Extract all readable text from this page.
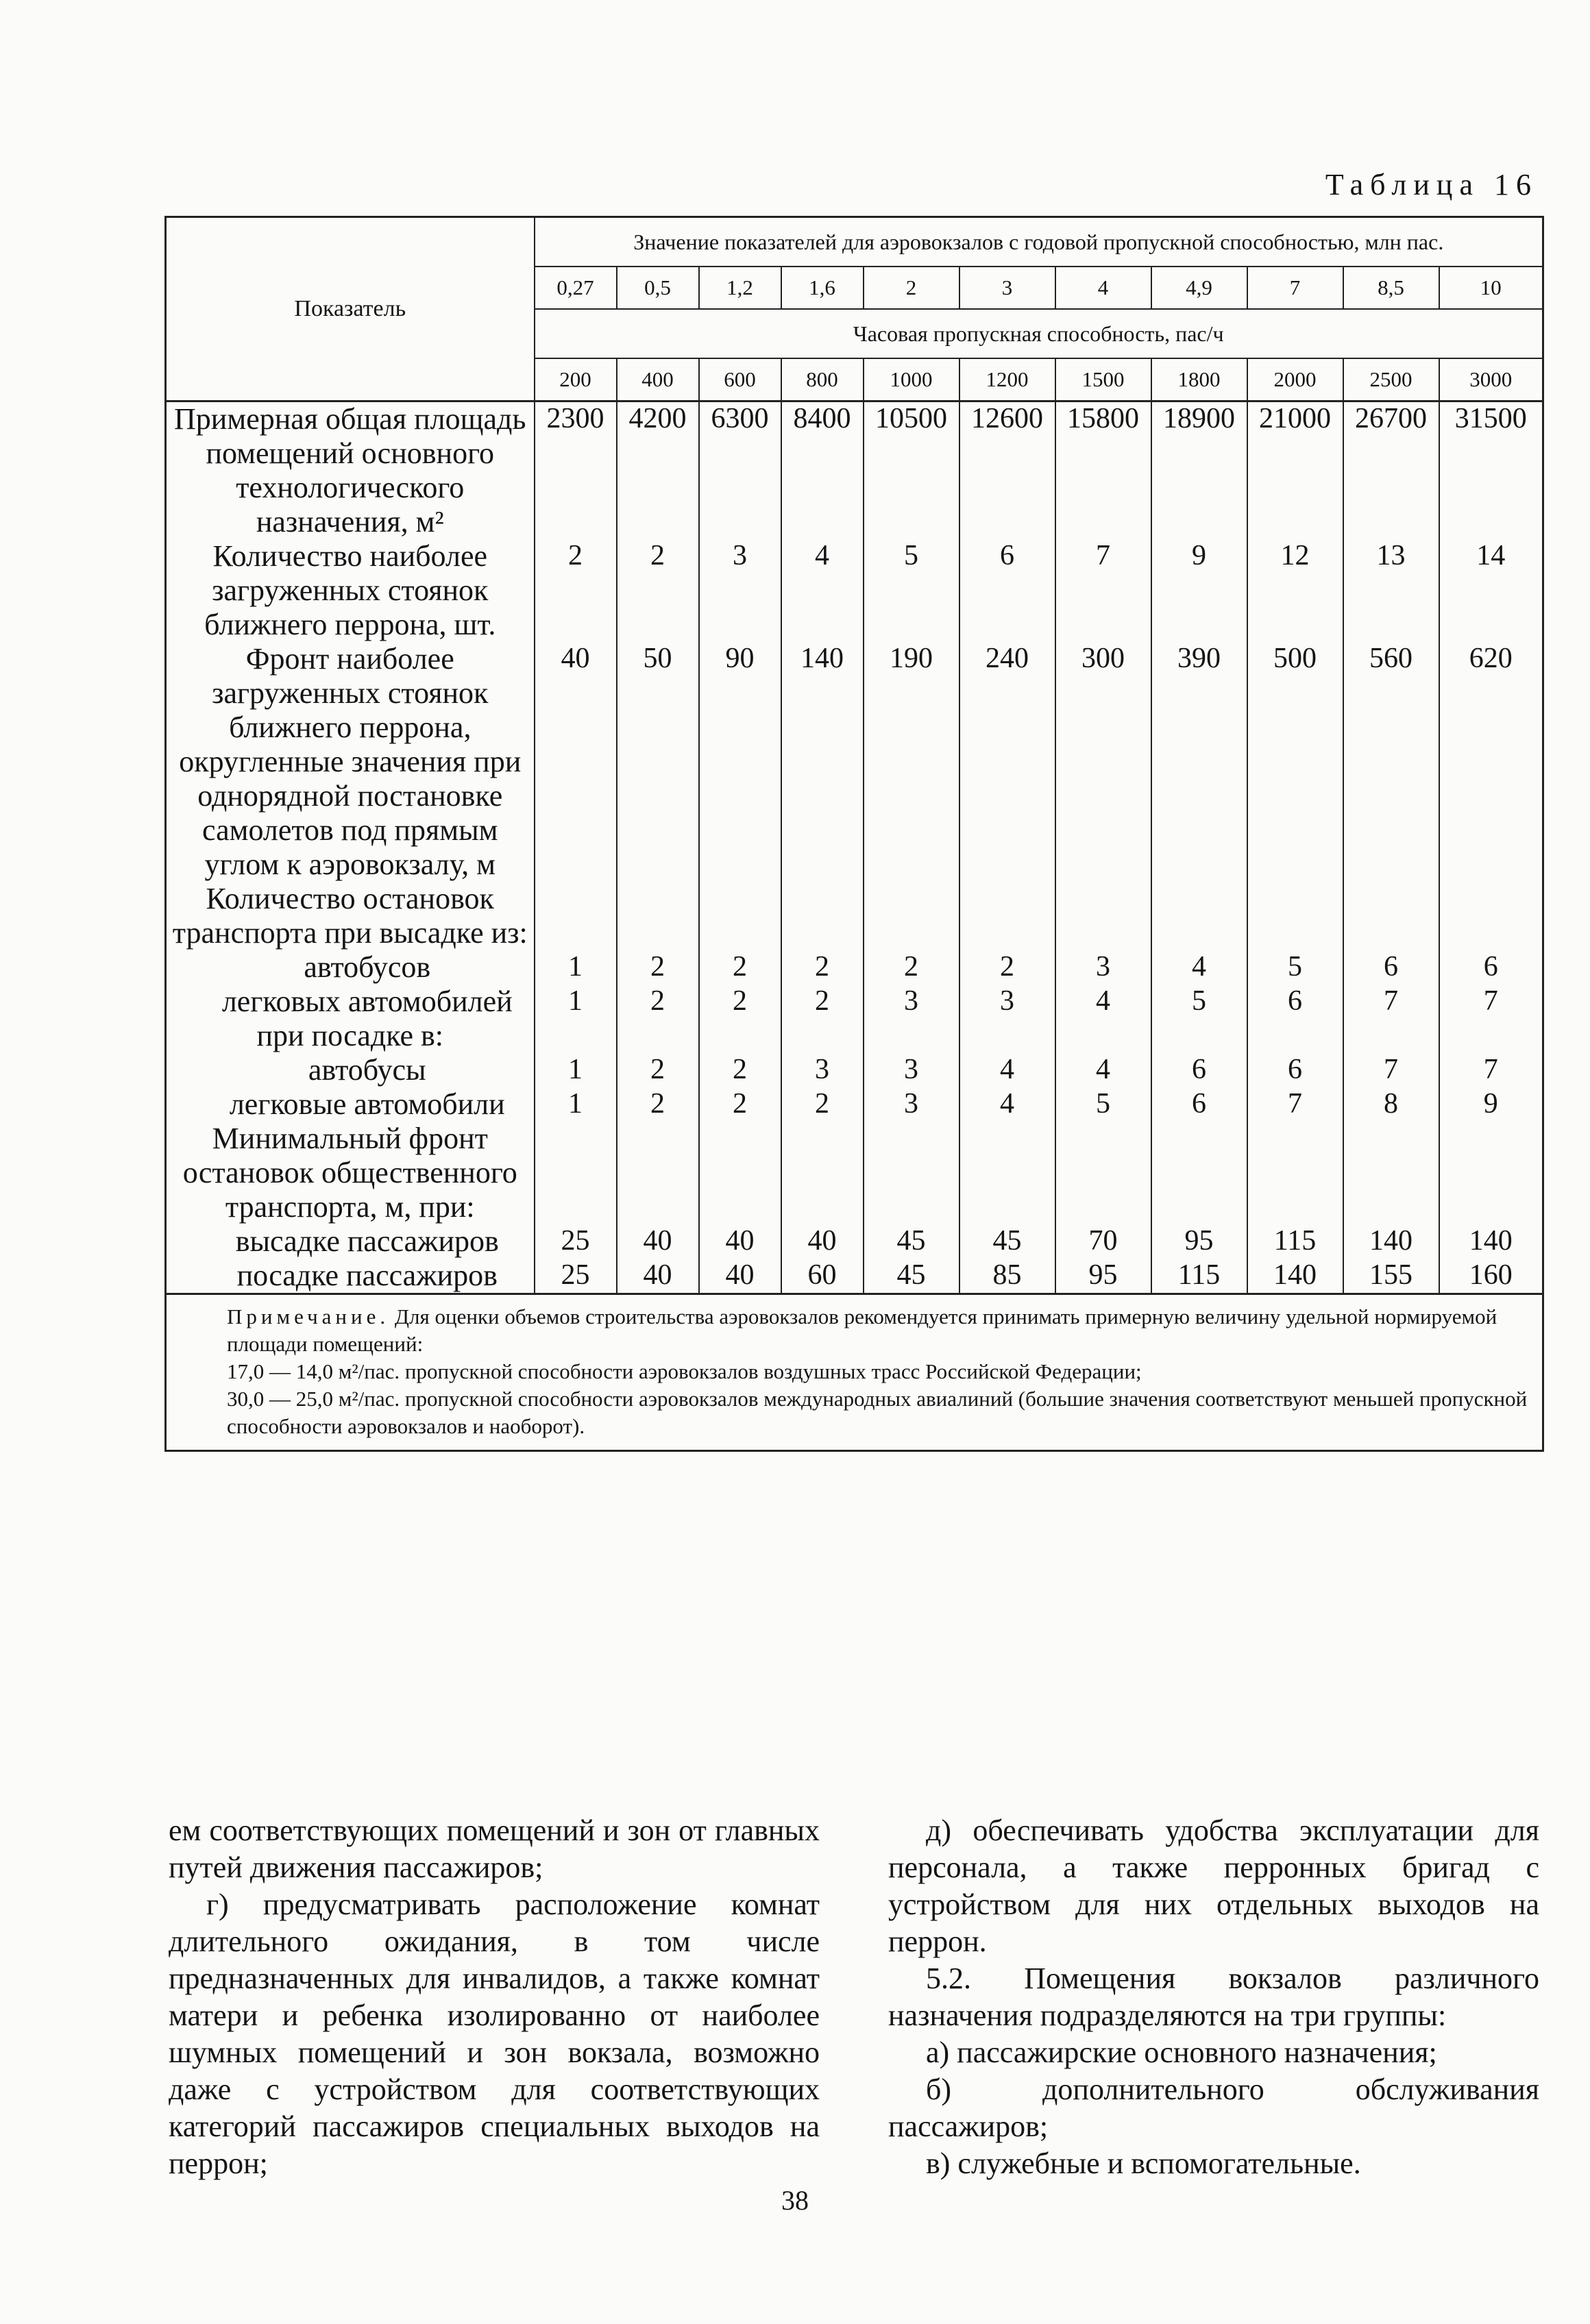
Таблица 16
Показатель	Значение показателей для аэровокзалов с годовой пропускной способностью, млн пас.										
	0,27	0,5	1,2	1,6	2	3	4	4,9	7	8,5	10
	Часовая пропускная способность, пас/ч										
	200	400	600	800	1000	1200	1500	1800	2000	2500	3000
Примерная общая площадь помещений основного технологического назначения, м²	2300	4200	6300	8400	10500	12600	15800	18900	21000	26700	31500
Количество наиболее загруженных стоянок ближнего перрона, шт.	2	2	3	4	5	6	7	9	12	13	14
Фронт наиболее загруженных стоянок ближнего перрона, округленные значения при однорядной постановке самолетов под прямым углом к аэровокзалу, м	40	50	90	140	190	240	300	390	500	560	620
Количество остановок транспорта при высадке из:											
автобусов	1	2	2	2	2	2	3	4	5	6	6
легковых автомобилей	1	2	2	2	3	3	4	5	6	7	7
при посадке в:											
автобусы	1	2	2	3	3	4	4	6	6	7	7
легковые автомобили	1	2	2	2	3	4	5	6	7	8	9
Минимальный фронт остановок общественного транспорта, м, при:											
высадке пассажиров	25	40	40	40	45	45	70	95	115	140	140
посадке пассажиров	25	40	40	60	45	85	95	115	140	155	160

Примечание. Для оценки объемов строительства аэровокзалов рекомендуется принимать примерную величину удельной нормируемой площади помещений:
17,0 — 14,0 м²/пас. пропускной способности аэровокзалов воздушных трасс Российской Федерации;
30,0 — 25,0 м²/пас. пропускной способности аэровокзалов международных авиалиний (большие значения соответствуют меньшей пропускной способности аэровокзалов и наоборот).											

ем соответствующих помещений и зон от главных путей движения пассажиров;

г) предусматривать расположение комнат длительного ожидания, в том числе предназначенных для инвалидов, а также комнат матери и ребенка изолированно от наиболее шумных помещений и зон вокзала, возможно даже с устройством для соответствующих категорий пассажиров специальных выходов на перрон;

д) обеспечивать удобства эксплуатации для персонала, а также перронных бригад с устройством для них отдельных выходов на перрон.

5.2. Помещения вокзалов различного назначения подразделяются на три группы:

а) пассажирские основного назначения;

б) дополнительного обслуживания пассажиров;

в) служебные и вспомогательные.

38
